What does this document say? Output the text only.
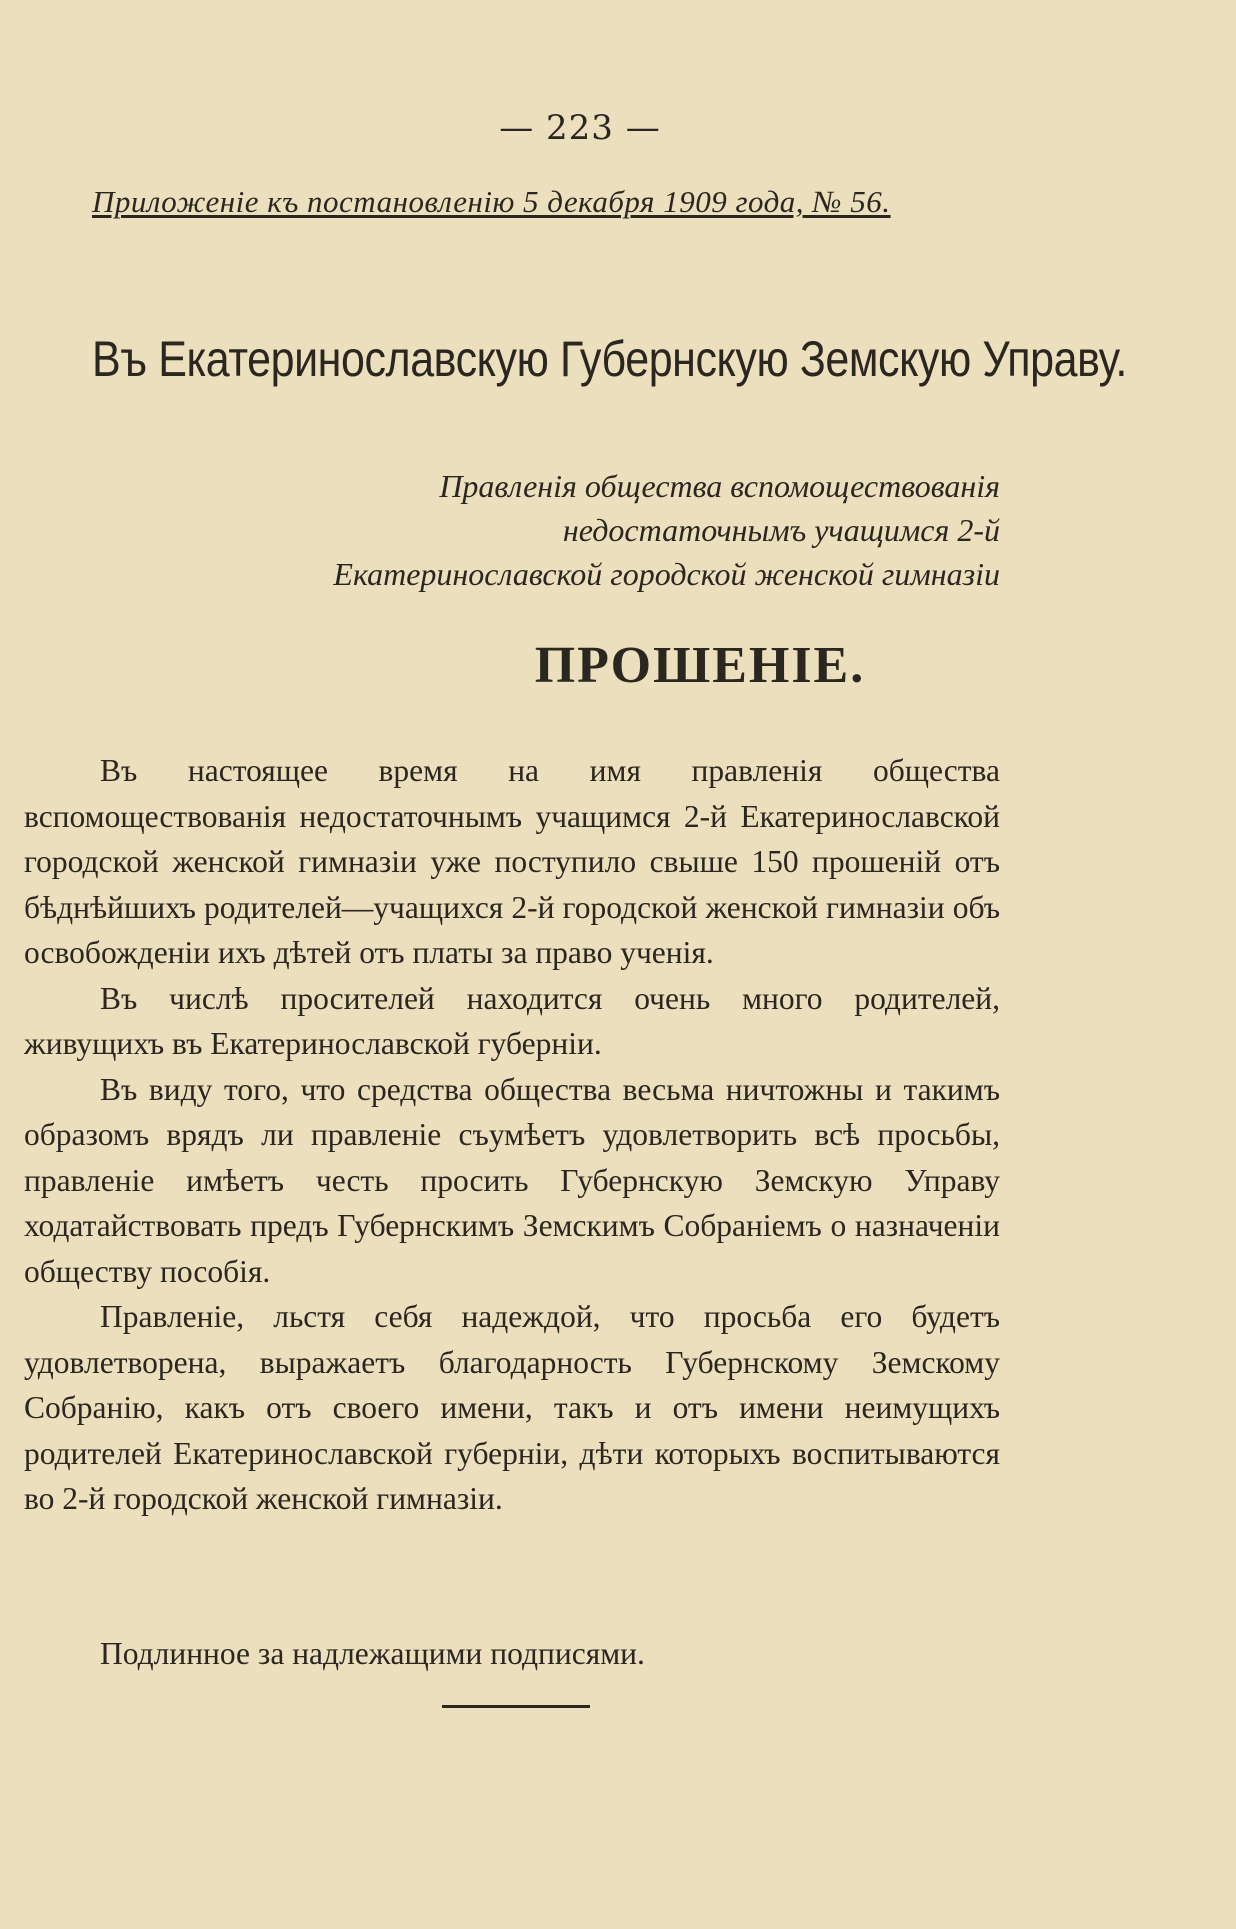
— 223 —
Приложеніе къ постановленію 5 декабря 1909 года, № 56.
Въ Екатеринославскую Губернскую Земскую Управу.
Правленія общества вспомоществованія недостаточнымъ учащимся 2-й Екатеринославской городской женской гимназіи
ПРОШЕНІЕ.

Въ настоящее время на имя правленія общества вспомоществованія недостаточнымъ учащимся 2-й Екатеринославской городской женской гимназіи уже поступило свыше 150 прошеній отъ бѣднѣйшихъ родителей—учащихся 2-й городской женской гимназіи объ освобожденіи ихъ дѣтей отъ платы за право ученія.

Въ числѣ просителей находится очень много родителей, живущихъ въ Екатеринославской губерніи.

Въ виду того, что средства общества весьма ничтожны и такимъ образомъ врядъ ли правленіе съумѣетъ удовлетворить всѣ просьбы, правленіе имѣетъ честь просить Губернскую Земскую Управу ходатайствовать предъ Губернскимъ Земскимъ Собраніемъ о назначеніи обществу пособія.

Правленіе, льстя себя надеждой, что просьба его будетъ удовлетворена, выражаетъ благодарность Губернскому Земскому Собранію, какъ отъ своего имени, такъ и отъ имени неимущихъ родителей Екатеринославской губерніи, дѣти которыхъ воспитываются во 2-й городской женской гимназіи.

Подлинное за надлежащими подписями.
